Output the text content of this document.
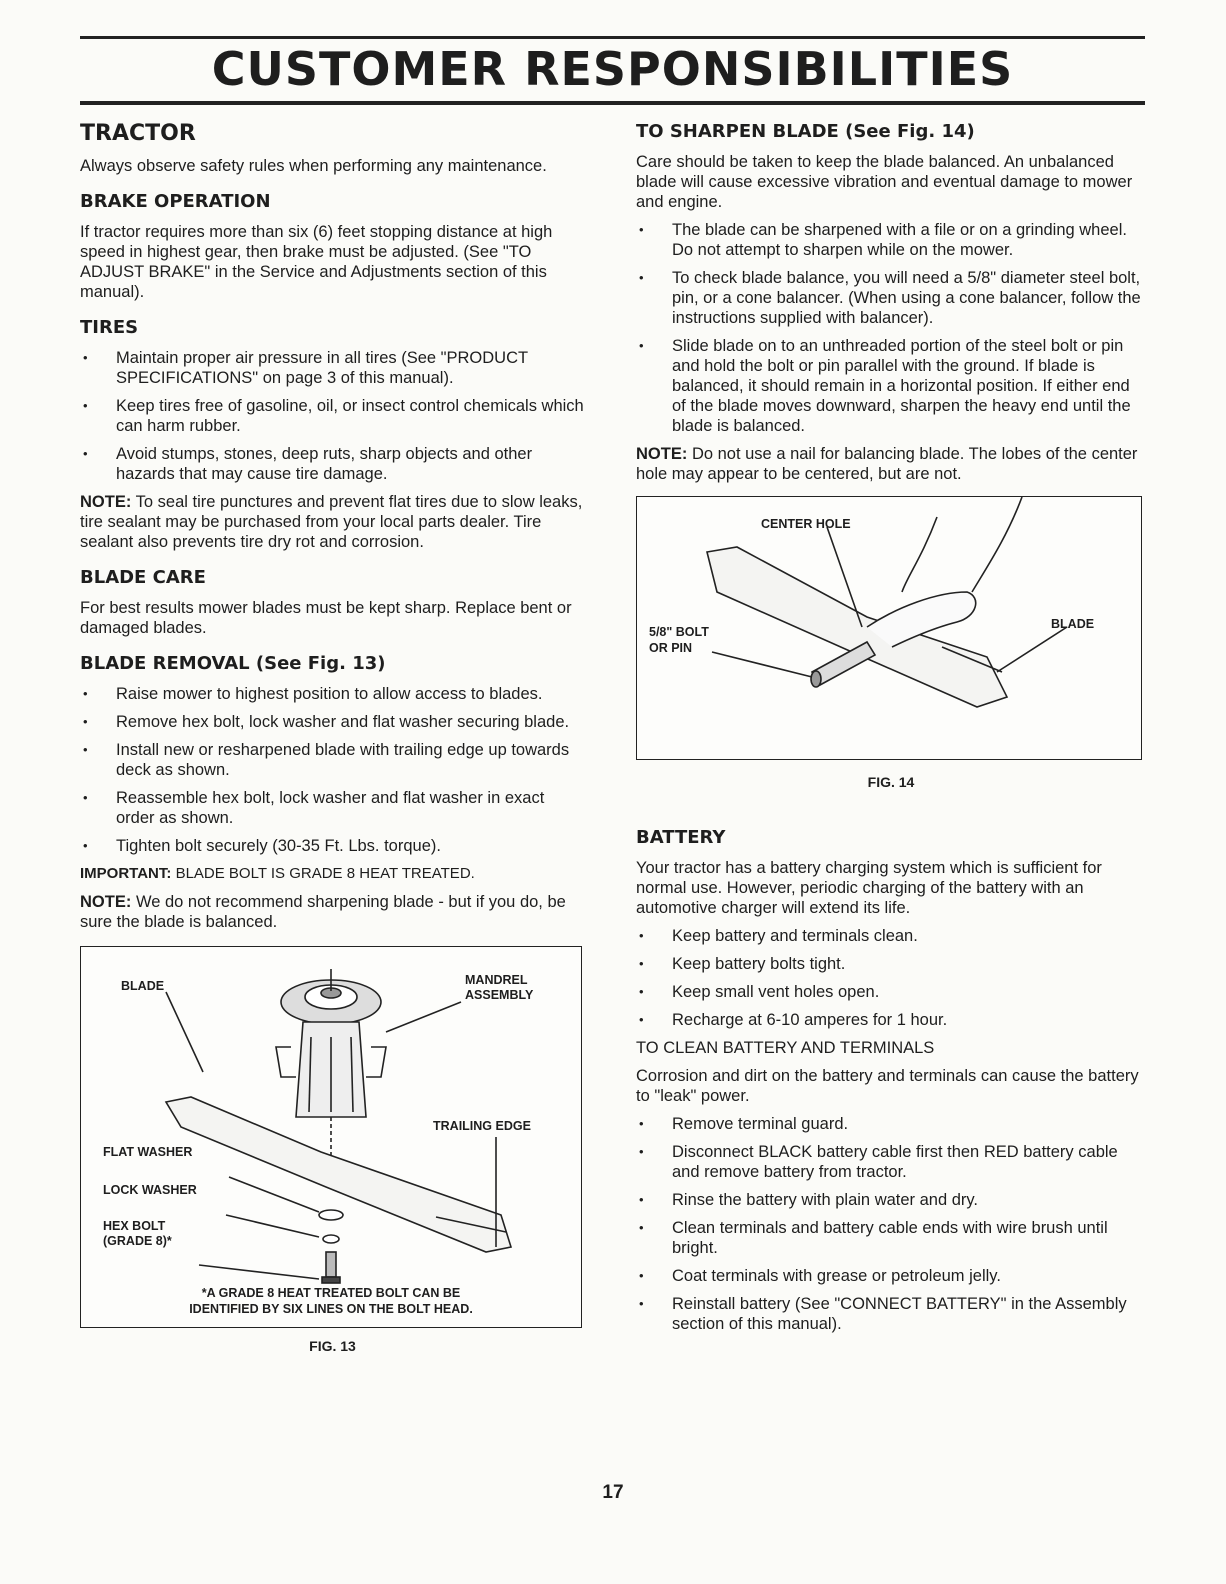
CUSTOMER RESPONSIBILITIES
TRACTOR

Always observe safety rules when performing any maintenance.

BRAKE OPERATION

If tractor requires more than six (6) feet stopping distance at high speed in highest gear, then brake must be adjusted. (See "TO ADJUST BRAKE" in the Service and Adjustments section of this manual).

TIRES
• Maintain proper air pressure in all tires (See "PRODUCT SPECIFICATIONS" on page 3 of this manual).
• Keep tires free of gasoline, oil, or insect control chemicals which can harm rubber.
• Avoid stumps, stones, deep ruts, sharp objects and other hazards that may cause tire damage.

NOTE: To seal tire punctures and prevent flat tires due to slow leaks, tire sealant may be purchased from your local parts dealer. Tire sealant also prevents tire dry rot and corrosion.

BLADE CARE

For best results mower blades must be kept sharp. Replace bent or damaged blades.

BLADE REMOVAL (See Fig. 13)
• Raise mower to highest position to allow access to blades.
• Remove hex bolt, lock washer and flat washer securing blade.
• Install new or resharpened blade with trailing edge up towards deck as shown.
• Reassemble hex bolt, lock washer and flat washer in exact order as shown.
• Tighten bolt securely (30-35 Ft. Lbs. torque).

IMPORTANT: BLADE BOLT IS GRADE 8 HEAT TREATED.

NOTE: We do not recommend sharpening blade - but if you do, be sure the blade is balanced.

BLADE	MANDREL ASSEMBLY
TRAILING EDGE
FLAT WASHER
LOCK WASHER
HEX BOLT
(GRADE 8)*
*A GRADE 8 HEAT TREATED BOLT CAN BE
IDENTIFIED BY SIX LINES ON THE BOLT HEAD.
FIG. 13
TO SHARPEN BLADE (See Fig. 14)

Care should be taken to keep the blade balanced. An unbalanced blade will cause excessive vibration and eventual damage to mower and engine.

• The blade can be sharpened with a file or on a grinding wheel. Do not attempt to sharpen while on the mower.
• To check blade balance, you will need a 5/8" diameter steel bolt, pin, or a cone balancer. (When using a cone balancer, follow the instructions supplied with balancer).
• Slide blade on to an unthreaded portion of the steel bolt or pin and hold the bolt or pin parallel with the ground. If blade is balanced, it should remain in a horizontal position. If either end of the blade moves downward, sharpen the heavy end until the blade is balanced.

NOTE: Do not use a nail for balancing blade. The lobes of the center hole may appear to be centered, but are not.

CENTER HOLE
5/8" BOLT
OR PIN
BLADE
FIG. 14
BATTERY

Your tractor has a battery charging system which is sufficient for normal use. However, periodic charging of the battery with an automotive charger will extend its life.

• Keep battery and terminals clean.
• Keep battery bolts tight.
• Keep small vent holes open.
• Recharge at 6-10 amperes for 1 hour.

TO CLEAN BATTERY AND TERMINALS

Corrosion and dirt on the battery and terminals can cause the battery to "leak" power.

• Remove terminal guard.
• Disconnect BLACK battery cable first then RED battery cable and remove battery from tractor.
• Rinse the battery with plain water and dry.
• Clean terminals and battery cable ends with wire brush until bright.
• Coat terminals with grease or petroleum jelly.
• Reinstall battery (See "CONNECT BATTERY" in the Assembly section of this manual).
17
